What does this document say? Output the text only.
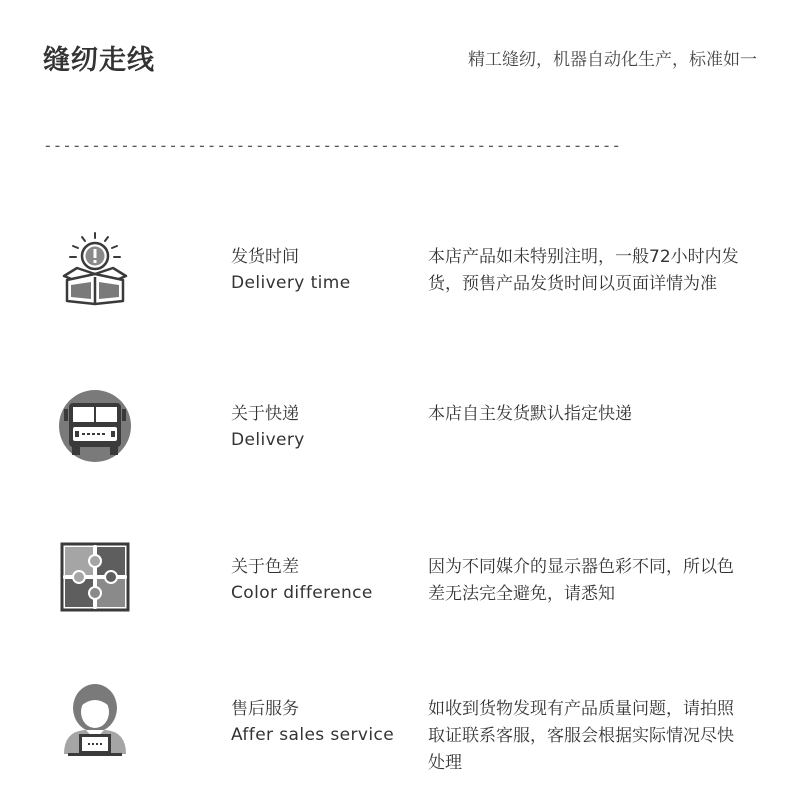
缝纫走线	精工缝纫，机器自动化生产，标准如一
------------------------------------------------------------
发货时间
Delivery time
本店产品如未特别注明，一般72小时内发货，预售产品发货时间以页面详情为准
关于快递
Delivery
本店自主发货默认指定快递
关于色差
Color difference
因为不同媒介的显示器色彩不同，所以色差无法完全避免，请悉知
售后服务
Affer sales service
如收到货物发现有产品质量问题，请拍照取证联系客服，客服会根据实际情况尽快处理
